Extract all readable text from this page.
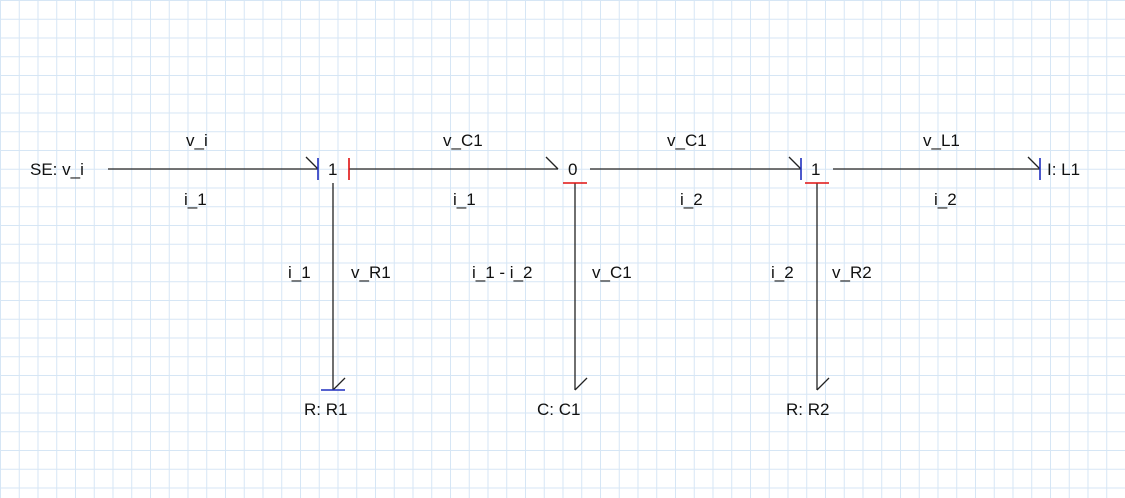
SE: v_i	I: L1
R: R1	C: C1	R: R2
1	0	1
v_i
i_1
v_C1
i_1
v_C1
i_2
v_L1
i_2
i_1 v_R1	i_1 - i_2	v_C1	i_2 v_R2
